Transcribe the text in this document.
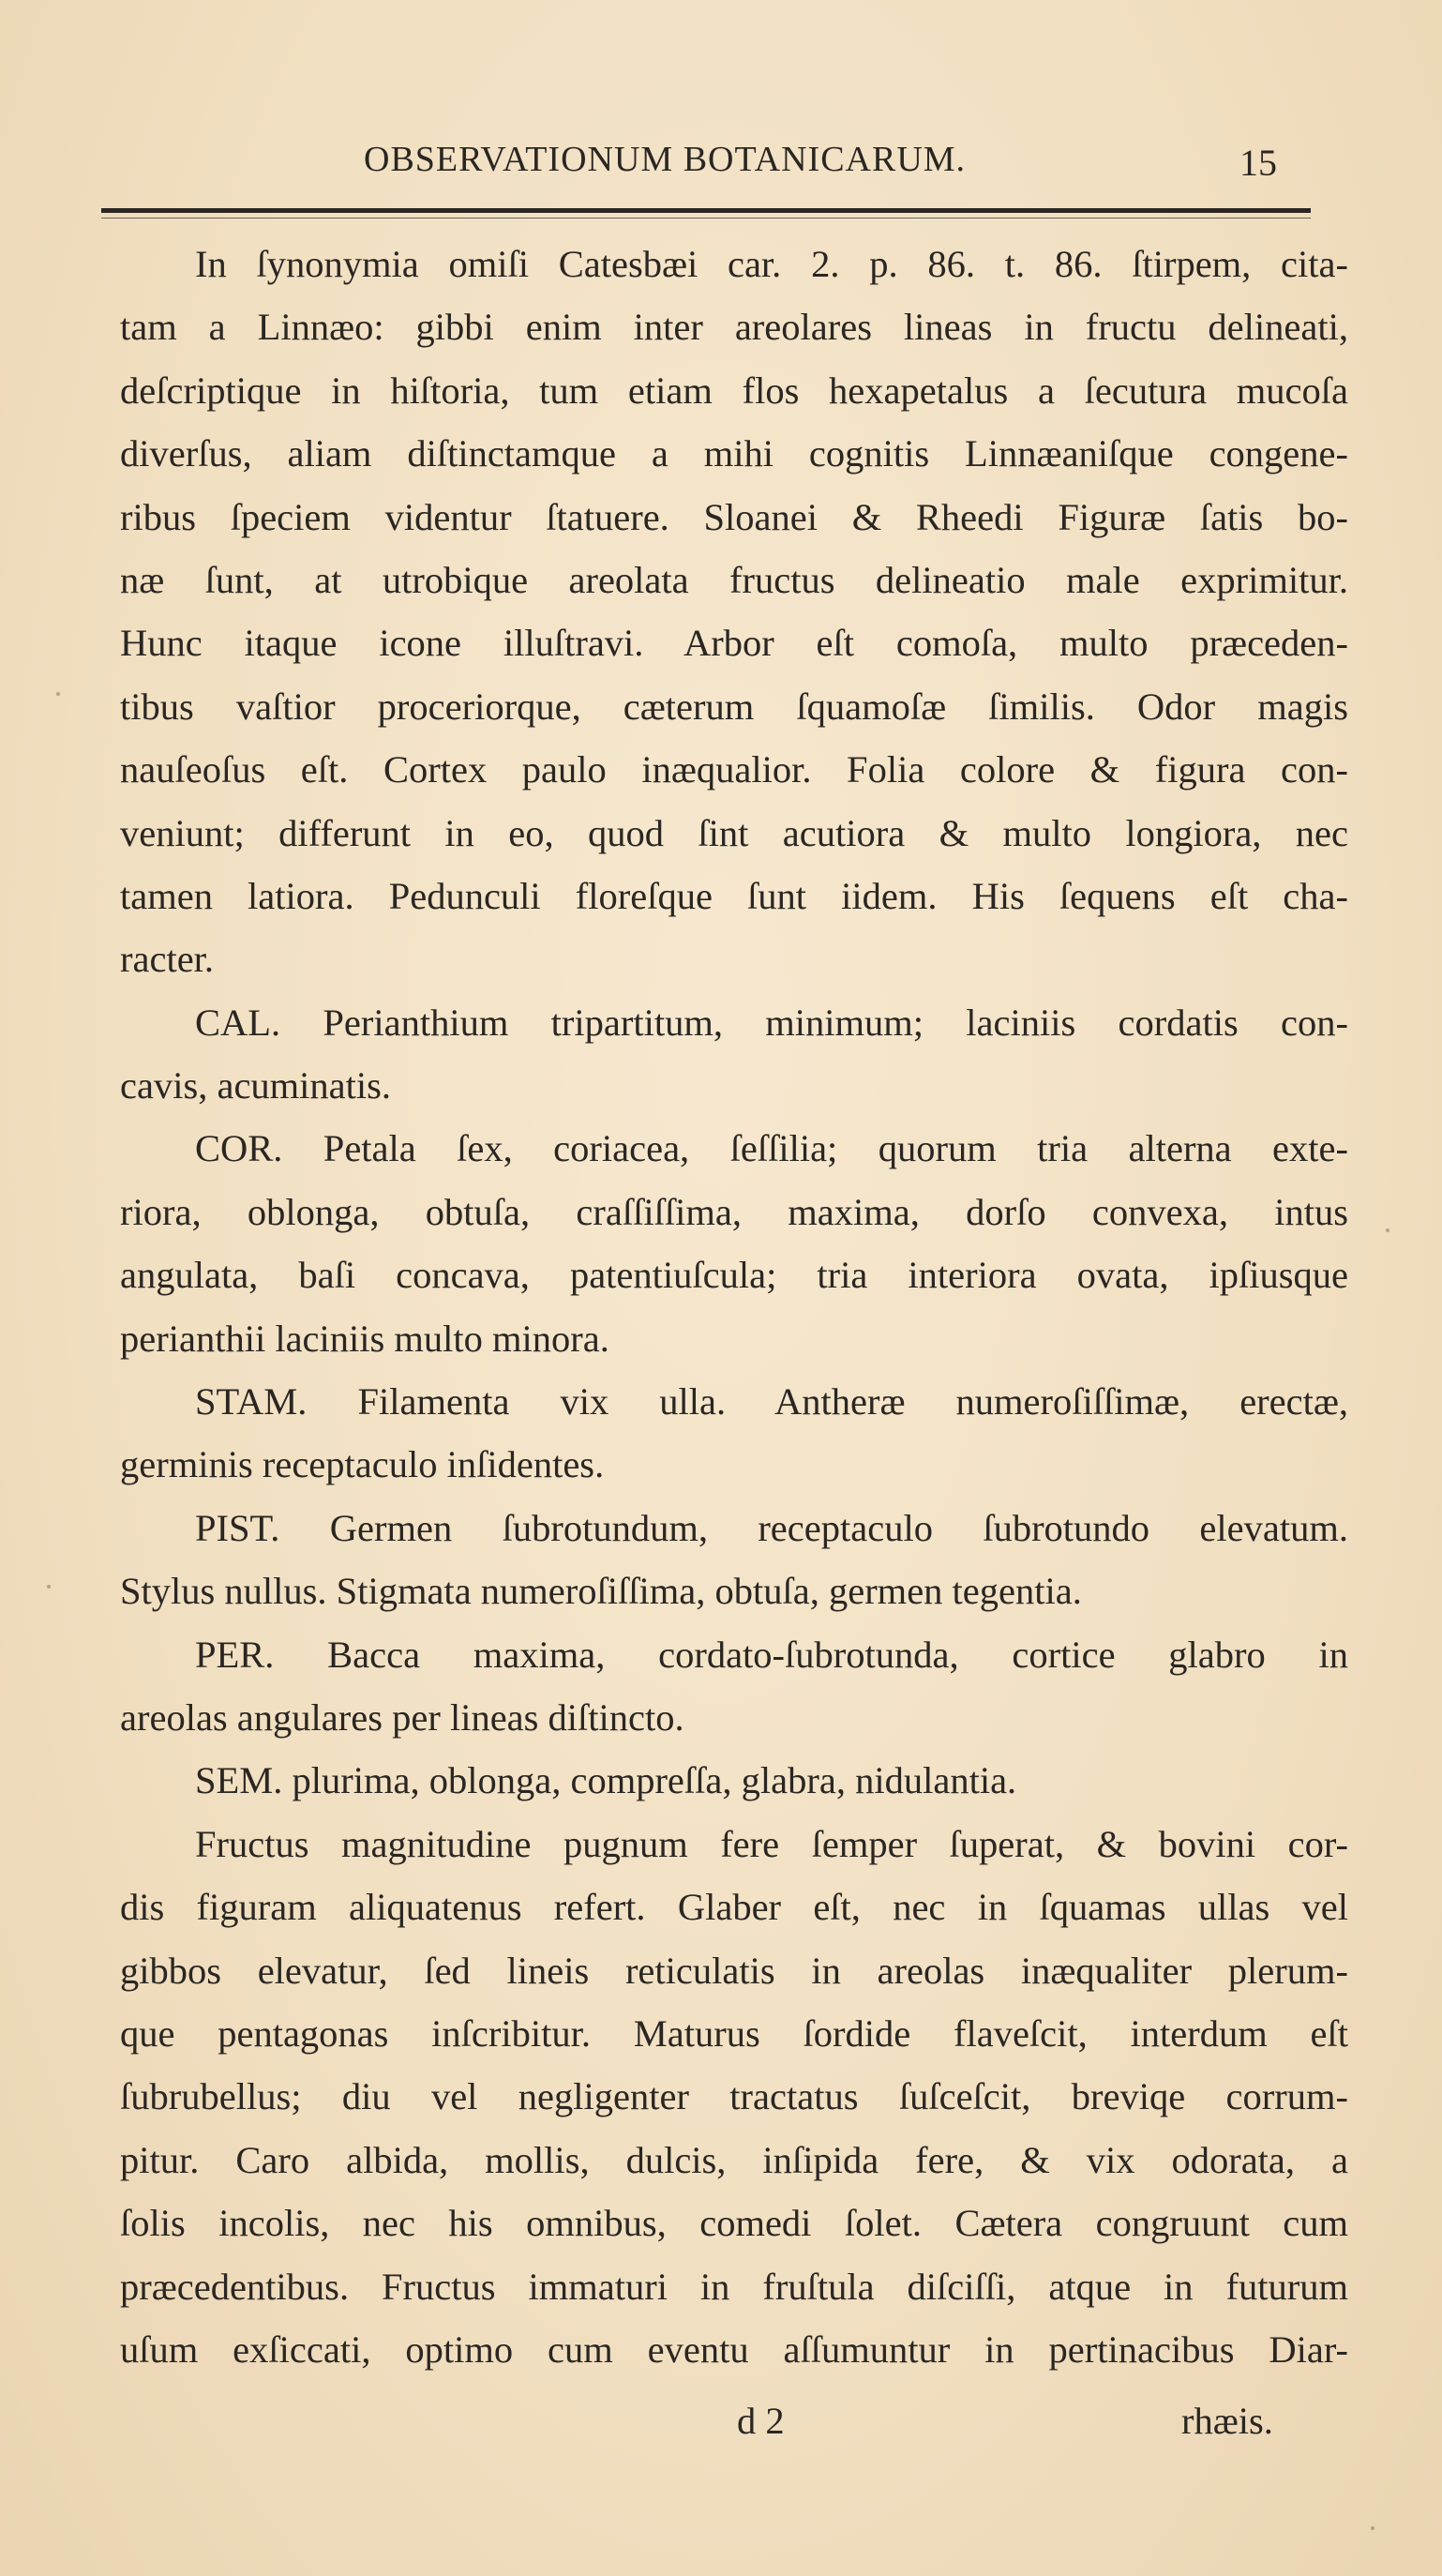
OBSERVATIONUM BOTANICARUM.	15
In ſynonymia omiſi Catesbæi car. 2. p. 86. t. 86. ſtirpem, cita-
tam a Linnæo: gibbi enim inter areolares lineas in fructu delineati,
deſcriptique in hiſtoria, tum etiam flos hexapetalus a ſecutura mucoſa
diverſus, aliam diſtinctamque a mihi cognitis Linnæaniſque congene-
ribus ſpeciem videntur ſtatuere. Sloanei & Rheedi Figuræ ſatis bo-
næ ſunt, at utrobique areolata fructus delineatio male exprimitur.
Hunc itaque icone illuſtravi. Arbor eſt comoſa, multo præceden-
tibus vaſtior proceriorque, cæterum ſquamoſæ ſimilis. Odor magis
nauſeoſus eſt. Cortex paulo inæqualior. Folia colore & figura con-
veniunt; differunt in eo, quod ſint acutiora & multo longiora, nec
tamen latiora. Pedunculi floreſque ſunt iidem. His ſequens eſt cha-
racter.
CAL. Perianthium tripartitum, minimum; laciniis cordatis con-
cavis, acuminatis.
COR. Petala ſex, coriacea, ſeſſilia; quorum tria alterna exte-
riora, oblonga, obtuſa, craſſiſſima, maxima, dorſo convexa, intus
angulata, baſi concava, patentiuſcula; tria interiora ovata, ipſiusque
perianthii laciniis multo minora.
STAM. Filamenta vix ulla. Antheræ numeroſiſſimæ, erectæ,
germinis receptaculo inſidentes.
PIST. Germen ſubrotundum, receptaculo ſubrotundo elevatum.
Stylus nullus. Stigmata numeroſiſſima, obtuſa, germen tegentia.
PER. Bacca maxima, cordato-ſubrotunda, cortice glabro in
areolas angulares per lineas diſtincto.
SEM. plurima, oblonga, compreſſa, glabra, nidulantia.
Fructus magnitudine pugnum fere ſemper ſuperat, & bovini cor-
dis figuram aliquatenus refert. Glaber eſt, nec in ſquamas ullas vel
gibbos elevatur, ſed lineis reticulatis in areolas inæqualiter plerum-
que pentagonas inſcribitur. Maturus ſordide flaveſcit, interdum eſt
ſubrubellus; diu vel negligenter tractatus ſuſceſcit, breviqe corrum-
pitur. Caro albida, mollis, dulcis, inſipida fere, & vix odorata, a
ſolis incolis, nec his omnibus, comedi ſolet. Cætera congruunt cum
præcedentibus. Fructus immaturi in fruſtula diſciſſi, atque in futurum
uſum exſiccati, optimo cum eventu aſſumuntur in pertinacibus Diar-
d 2	rhæis.
